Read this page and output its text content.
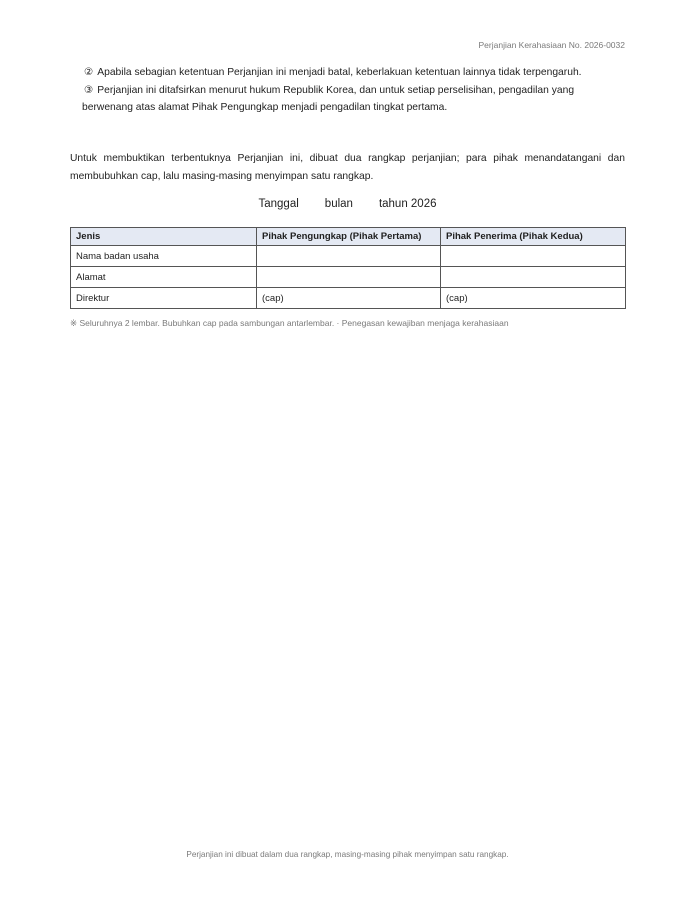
Perjanjian Kerahasiaan No. 2026-0032

② Apabila sebagian ketentuan Perjanjian ini menjadi batal, keberlakuan ketentuan lainnya tidak terpengaruh.

③ Perjanjian ini ditafsirkan menurut hukum Republik Korea, dan untuk setiap perselisihan, pengadilan yang berwenang atas alamat Pihak Pengungkap menjadi pengadilan tingkat pertama.

Untuk membuktikan terbentuknya Perjanjian ini, dibuat dua rangkap perjanjian; para pihak menandatangani dan membubuhkan cap, lalu masing-masing menyimpan satu rangkap.

Tanggal bulan tahun 2026
Jenis	Pihak Pengungkap (Pihak Pertama)	Pihak Penerima (Pihak Kedua)
Nama badan usaha		
Alamat		
Direktur	(cap)	(cap)
※ Seluruhnya 2 lembar. Bubuhkan cap pada sambungan antarlembar. · Penegasan kewajiban menjaga kerahasiaan
Perjanjian ini dibuat dalam dua rangkap, masing-masing pihak menyimpan satu rangkap.
